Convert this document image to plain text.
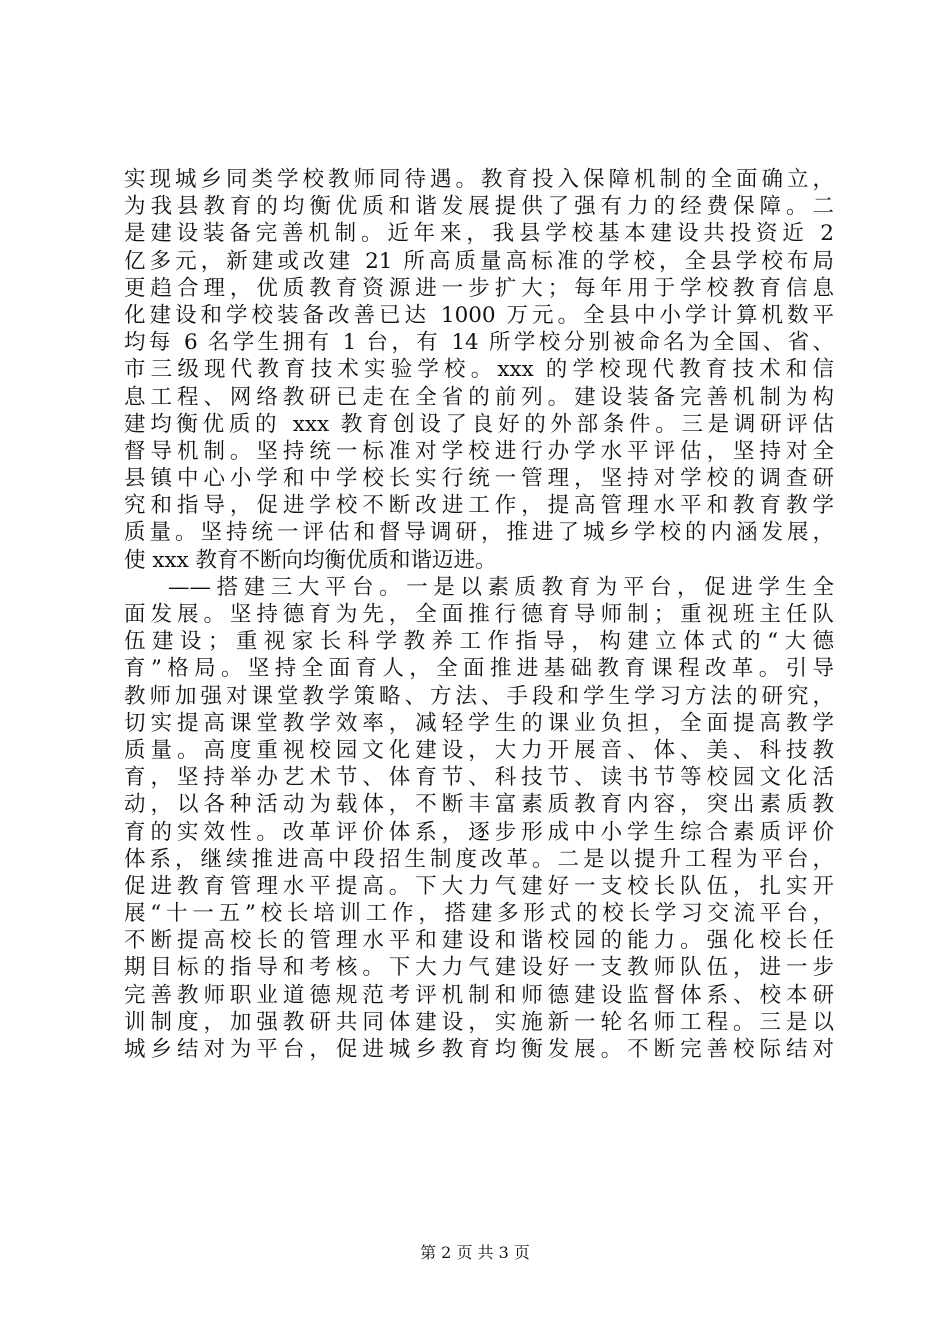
实现城乡同类学校教师同待遇。教育投入保障机制的全面确立，
为我县教育的均衡优质和谐发展提供了强有力的经费保障。二
是建设装备完善机制。近年来，我县学校基本建设共投资近 2
亿多元，新建或改建 21 所高质量高标准的学校，全县学校布局
更趋合理，优质教育资源进一步扩大；每年用于学校教育信息
化建设和学校装备改善已达 1000 万元。全县中小学计算机数平
均每 6 名学生拥有 1 台，有 14 所学校分别被命名为全国、省、
市三级现代教育技术实验学校。xxx 的学校现代教育技术和信
息工程、网络教研已走在全省的前列。建设装备完善机制为构
建均衡优质的 xxx 教育创设了良好的外部条件。三是调研评估
督导机制。坚持统一标准对学校进行办学水平评估，坚持对全
县镇中心小学和中学校长实行统一管理，坚持对学校的调查研
究和指导，促进学校不断改进工作，提高管理水平和教育教学
质量。坚持统一评估和督导调研，推进了城乡学校的内涵发展，
使 xxx 教育不断向均衡优质和谐迈进。
——搭建三大平台。一是以素质教育为平台，促进学生全
面发展。坚持德育为先，全面推行德育导师制；重视班主任队
伍建设；重视家长科学教养工作指导，构建立体式的“大德
育”格局。坚持全面育人，全面推进基础教育课程改革。引导
教师加强对课堂教学策略、方法、手段和学生学习方法的研究，
切实提高课堂教学效率，减轻学生的课业负担，全面提高教学
质量。高度重视校园文化建设，大力开展音、体、美、科技教
育，坚持举办艺术节、体育节、科技节、读书节等校园文化活
动，以各种活动为载体，不断丰富素质教育内容，突出素质教
育的实效性。改革评价体系，逐步形成中小学生综合素质评价
体系，继续推进高中段招生制度改革。二是以提升工程为平台，
促进教育管理水平提高。下大力气建好一支校长队伍，扎实开
展“十一五”校长培训工作，搭建多形式的校长学习交流平台，
不断提高校长的管理水平和建设和谐校园的能力。强化校长任
期目标的指导和考核。下大力气建设好一支教师队伍，进一步
完善教师职业道德规范考评机制和师德建设监督体系、校本研
训制度，加强教研共同体建设，实施新一轮名师工程。三是以
城乡结对为平台，促进城乡教育均衡发展。不断完善校际结对
第 2 页 共 3 页
